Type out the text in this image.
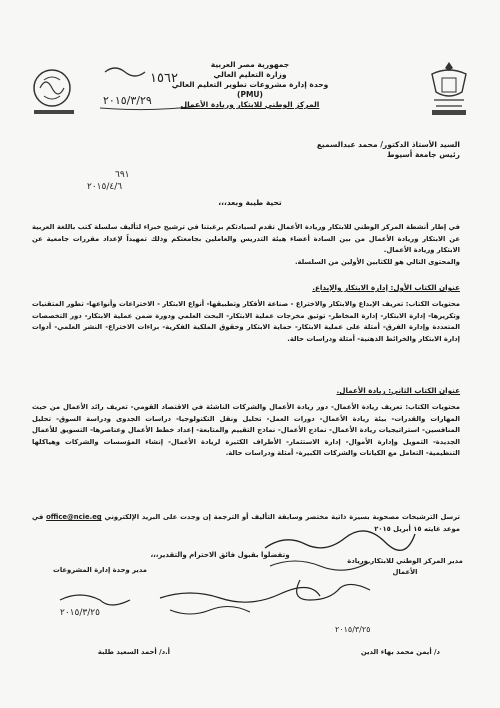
١٥٦٢
٢٠١٥/٣/٢٩
جمهورية مصر العربية
وزارة التعليم العالي
وحدة إدارة مشروعات تطوير التعليم العالي
(PMU)
المركز الوطني للابتكار وريادة الأعمال
السيد الأستاذ الدكتور/ محمد عبدالسميع
رئيس جامعة أسيوط
٦٩١
٢٠١٥/٤/٦
تحية طيبة وبعد،،،
في إطار أنشطة المركز الوطني للابتكار وريادة الأعمال تقدم لسيادتكم برغبتنا في ترشيح خبراء لتأليف سلسلة كتب باللغة العربية عن الابتكار وريادة الأعمال من بين السادة أعضاء هيئة التدريس والعاملين بجامعتكم وذلك تمهيداً لإعداد مقررات جامعية عن الابتكار وريادة الأعمال.
والمحتوى التالي هو للكتابين الأولين من السلسلة.
عنوان الكتاب الأول: إدارة الابتكار والإبداع.
محتويات الكتاب: تعريف الإبداع والابتكار والاختراع - صناعة الأفكار وتطبيقها- أنواع الابتكار - الاختراعات وأنواعها- تطور المتقنيات وتكريرها- إدارة الابتكار- إدارة المخاطر- توثيق مخرجات عملية الابتكار- البحث العلمي ودورة ضمن عملية الابتكار- دور التخصصات المتعددة وإدارة الفرق- أمثلة على عملية الابتكار- حماية الابتكار وحقوق الملكية الفكرية- براءات الاختراع- النشر العلمي- أدوات إدارة الابتكار والخرائط الذهنية- أمثلة ودراسات حالة.
عنوان الكتاب الثاني: ريادة الأعمال.
محتويات الكتاب: تعريف ريادة الأعمال- دور ريادة الأعمال والشركات الناشئة في الاقتصاد القومي- تعريف رائد الأعمال من حيث المهارات والقدرات- بيئة ريادة الأعمال- دورات العمل- تحليل ونقل التكنولوجيا- دراسات الجدوى ودراسة السوق- تحليل المنافسين- استراتيجيات ريادة الأعمال- نماذج الأعمال- نماذج التقييم والمتابعة- إعداد خطط الأعمال وعناصرها- التسويق للأعمال الجديدة- التمويل وإدارة الأموال- إدارة الاستثمار- الأطراف الكثيرة لريادة الأعمال- إنشاء المؤسسات والشركات وهياكلها التنظيمية- التعامل مع الكيانات والشركات الكبيرة- أمثلة ودراسات حالة.
ترسل الترشيحات مصحوبة بسيرة ذاتية مختصر وسابقة التأليف أو الترجمة إن وجدت على البريد الإلكتروني office@ncie.eg في موعد غايته ١٥ أبريل ٢٠١٥
وتفضلوا بقبول فائق الاحترام والتقدير،،،
مدير المركز الوطني للابتكار وريادة الأعمال
مدير وحدة إدارة المشروعات
٢٠١٥/٣/٢٥
٢٠١٥/٣/٢٥
د/ أيمن محمد بهاء الدين
أ.د/ أحمد السعيد طلبة
